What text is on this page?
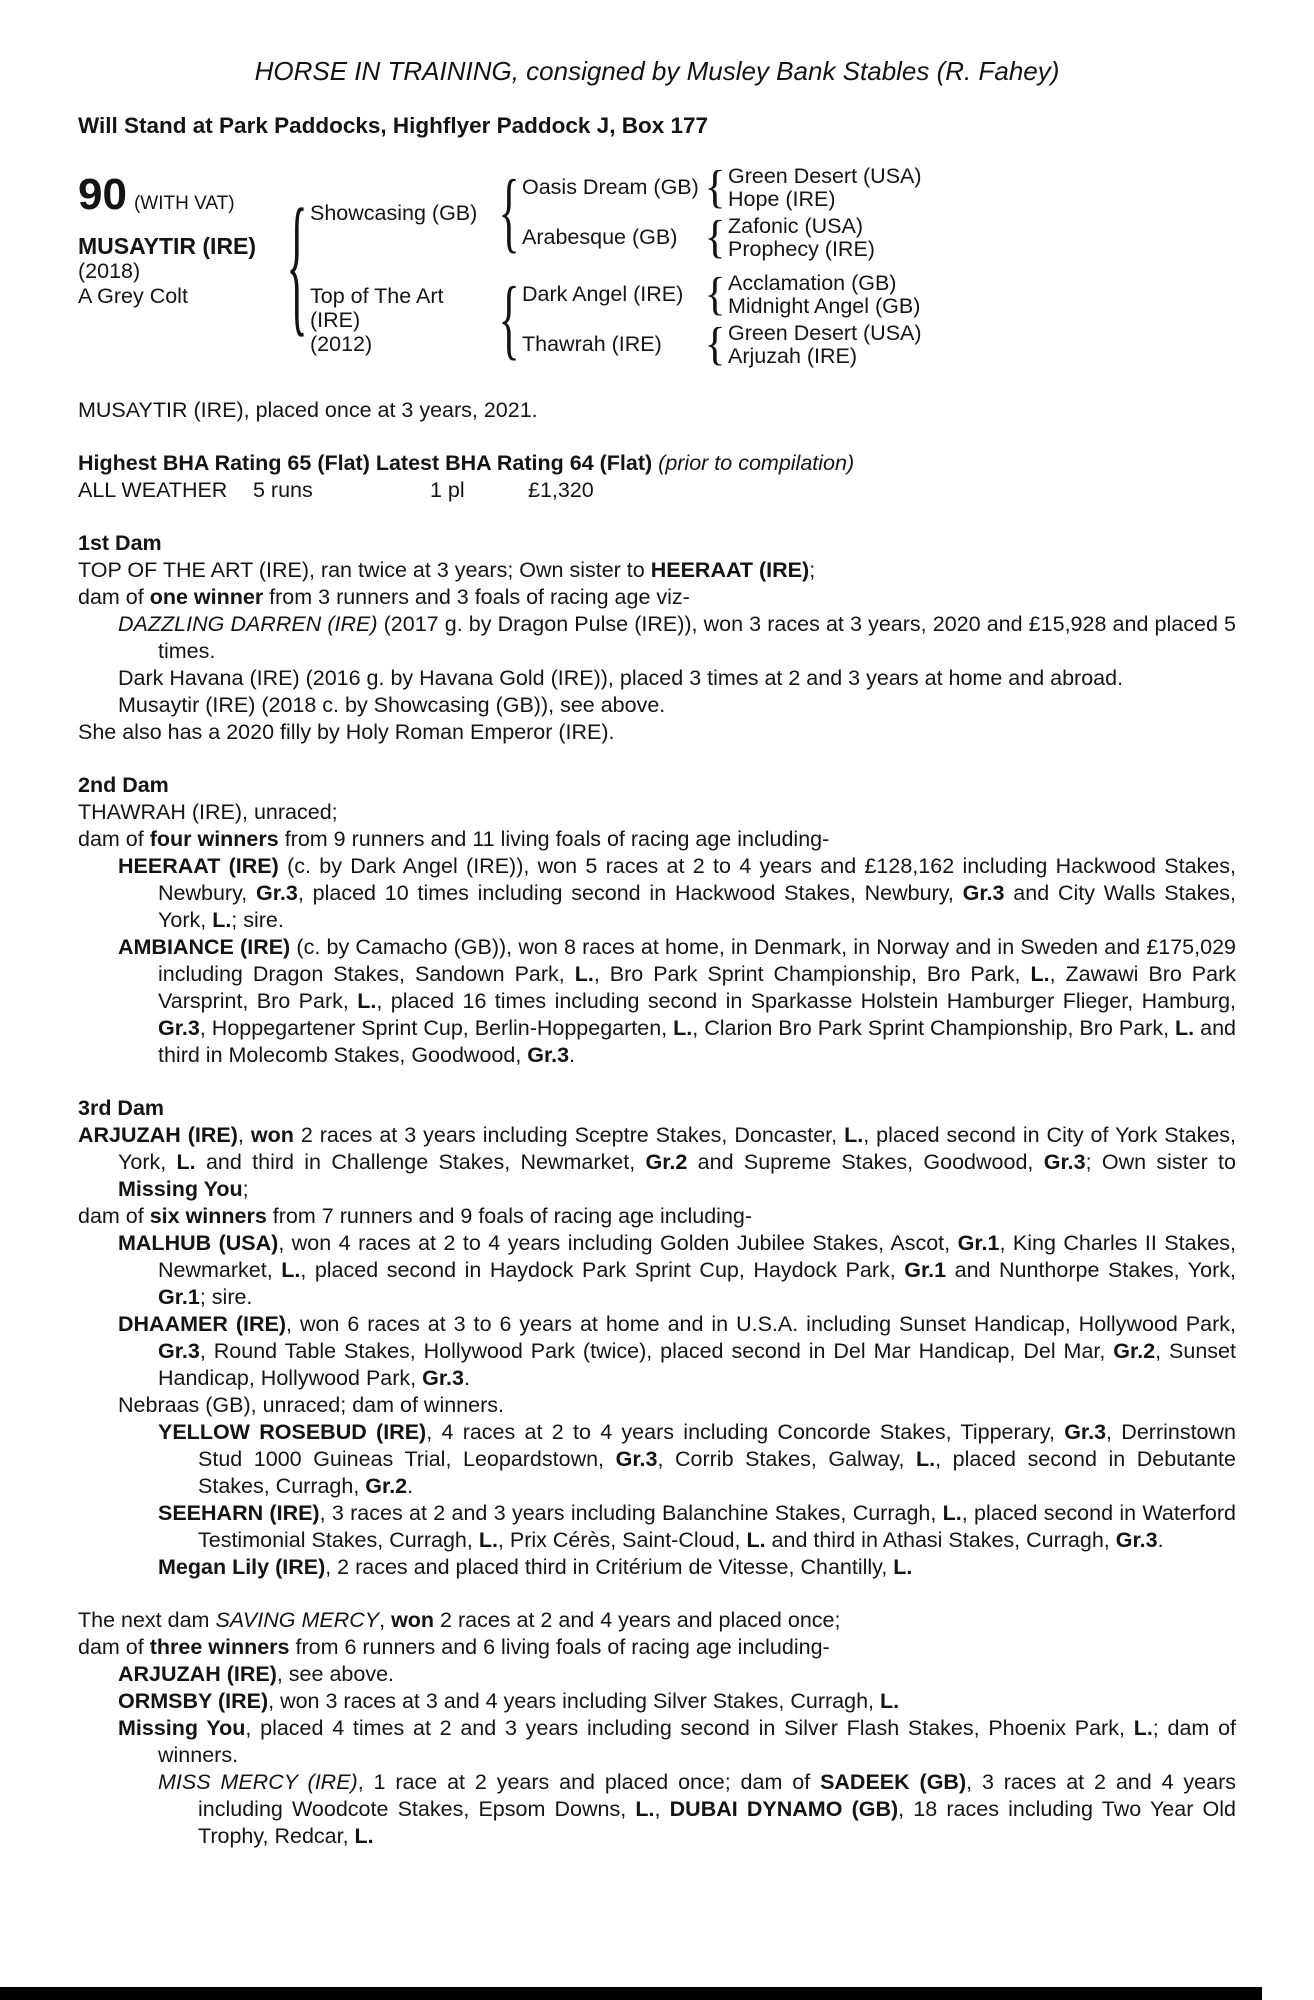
HORSE IN TRAINING, consigned by Musley Bank Stables (R. Fahey)
Will Stand at Park Paddocks, Highflyer Paddock J, Box 177
90 (WITH VAT)
MUSAYTIR (IRE)
(2018)
A Grey Colt
{
Showcasing (GB)
{
Oasis Dream (GB) { Green Desert (USA)
Hope (IRE)
Arabesque (GB) {	Zafonic (USA)
Prophecy (IRE)
Top of The Art (IRE)
(2012)
{
Dark Angel (IRE) {	Acclamation (GB)
Midnight Angel (GB)
Thawrah (IRE) {	Green Desert (USA)
Arjuzah (IRE)

MUSAYTIR (IRE), placed once at 3 years, 2021.

Highest BHA Rating 65 (Flat) Latest BHA Rating 64 (Flat) (prior to compilation)

ALL WEATHER 5 runs	1 pl	£1,320

1st Dam

TOP OF THE ART (IRE), ran twice at 3 years; Own sister to HEERAAT (IRE);

dam of one winner from 3 runners and 3 foals of racing age viz-

DAZZLING DARREN (IRE) (2017 g. by Dragon Pulse (IRE)), won 3 races at 3 years, 2020 and £15,928 and placed 5 times.

Dark Havana (IRE) (2016 g. by Havana Gold (IRE)), placed 3 times at 2 and 3 years at home and abroad.

Musaytir (IRE) (2018 c. by Showcasing (GB)), see above.

She also has a 2020 filly by Holy Roman Emperor (IRE).

2nd Dam

THAWRAH (IRE), unraced;

dam of four winners from 9 runners and 11 living foals of racing age including-

HEERAAT (IRE) (c. by Dark Angel (IRE)), won 5 races at 2 to 4 years and £128,162 including Hackwood Stakes, Newbury, Gr.3, placed 10 times including second in Hackwood Stakes, Newbury, Gr.3 and City Walls Stakes, York, L.; sire.

AMBIANCE (IRE) (c. by Camacho (GB)), won 8 races at home, in Denmark, in Norway and in Sweden and £175,029 including Dragon Stakes, Sandown Park, L., Bro Park Sprint Championship, Bro Park, L., Zawawi Bro Park Varsprint, Bro Park, L., placed 16 times including second in Sparkasse Holstein Hamburger Flieger, Hamburg, Gr.3, Hoppegartener Sprint Cup, Berlin-Hoppegarten, L., Clarion Bro Park Sprint Championship, Bro Park, L. and third in Molecomb Stakes, Goodwood, Gr.3.

3rd Dam

ARJUZAH (IRE), won 2 races at 3 years including Sceptre Stakes, Doncaster, L., placed second in City of York Stakes, York, L. and third in Challenge Stakes, Newmarket, Gr.2 and Supreme Stakes, Goodwood, Gr.3; Own sister to Missing You;

dam of six winners from 7 runners and 9 foals of racing age including-

MALHUB (USA), won 4 races at 2 to 4 years including Golden Jubilee Stakes, Ascot, Gr.1, King Charles II Stakes, Newmarket, L., placed second in Haydock Park Sprint Cup, Haydock Park, Gr.1 and Nunthorpe Stakes, York, Gr.1; sire.

DHAAMER (IRE), won 6 races at 3 to 6 years at home and in U.S.A. including Sunset Handicap, Hollywood Park, Gr.3, Round Table Stakes, Hollywood Park (twice), placed second in Del Mar Handicap, Del Mar, Gr.2, Sunset Handicap, Hollywood Park, Gr.3.

Nebraas (GB), unraced; dam of winners.

YELLOW ROSEBUD (IRE), 4 races at 2 to 4 years including Concorde Stakes, Tipperary, Gr.3, Derrinstown Stud 1000 Guineas Trial, Leopardstown, Gr.3, Corrib Stakes, Galway, L., placed second in Debutante Stakes, Curragh, Gr.2.

SEEHARN (IRE), 3 races at 2 and 3 years including Balanchine Stakes, Curragh, L., placed second in Waterford Testimonial Stakes, Curragh, L., Prix Cérès, Saint-Cloud, L. and third in Athasi Stakes, Curragh, Gr.3.

Megan Lily (IRE), 2 races and placed third in Critérium de Vitesse, Chantilly, L.

The next dam SAVING MERCY, won 2 races at 2 and 4 years and placed once;

dam of three winners from 6 runners and 6 living foals of racing age including-

ARJUZAH (IRE), see above.

ORMSBY (IRE), won 3 races at 3 and 4 years including Silver Stakes, Curragh, L.

Missing You, placed 4 times at 2 and 3 years including second in Silver Flash Stakes, Phoenix Park, L.; dam of winners.

MISS MERCY (IRE), 1 race at 2 years and placed once; dam of SADEEK (GB), 3 races at 2 and 4 years including Woodcote Stakes, Epsom Downs, L., DUBAI DYNAMO (GB), 18 races including Two Year Old Trophy, Redcar, L.
